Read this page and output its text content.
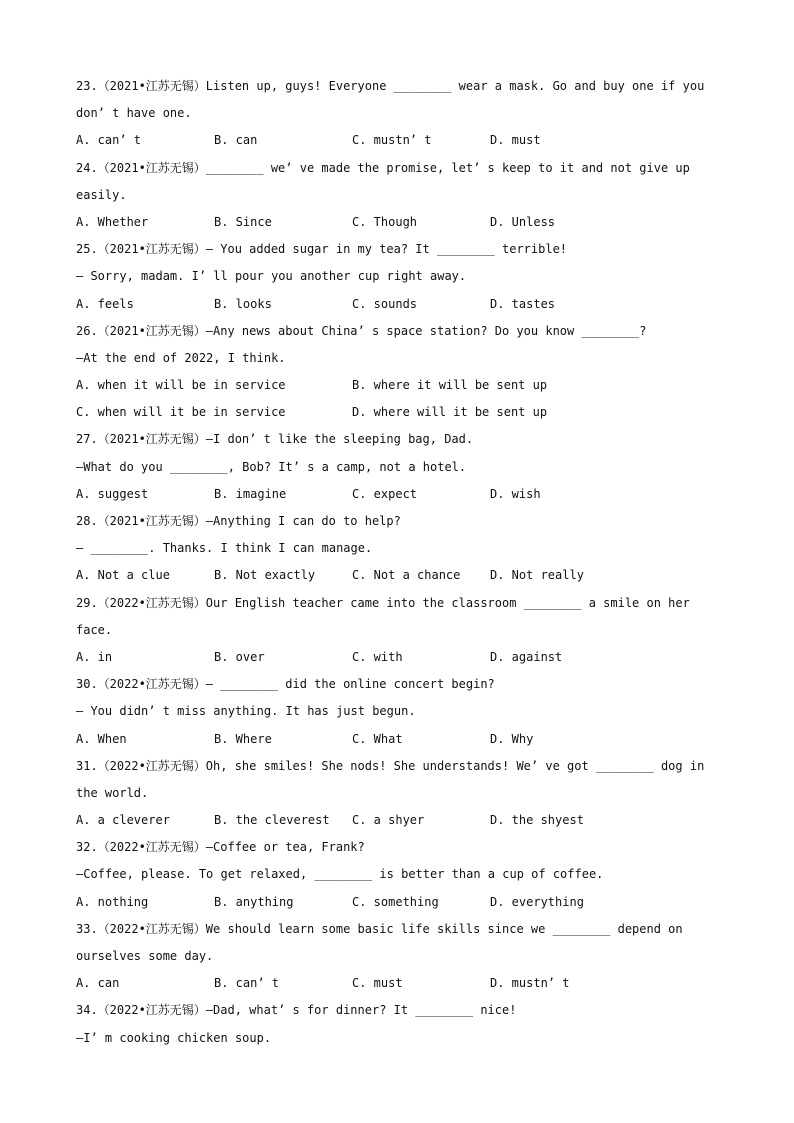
23.（2021•江苏无锡）Listen up, guys! Everyone ________ wear a mask. Go and buy one if you
don’ t have one.
A. can’ t	B. can	C. mustn’ t	D. must
24.（2021•江苏无锡）________ we’ ve made the promise, let’ s keep to it and not give up
easily.
A. Whether	B. Since	C. Though	D. Unless
25.（2021•江苏无锡）— You added sugar in my tea? It ________ terrible!
— Sorry, madam. I’ ll pour you another cup right away.
A. feels	B. looks	C. sounds	D. tastes
26.（2021•江苏无锡）—Any news about China’ s space station? Do you know ________?
—At the end of 2022, I think.
A. when it will be in service	B. where it will be sent up
C. when will it be in service	D. where will it be sent up
27.（2021•江苏无锡）—I don’ t like the sleeping bag, Dad.
—What do you ________, Bob? It’ s a camp, not a hotel.
A. suggest	B. imagine	C. expect	D. wish
28.（2021•江苏无锡）—Anything I can do to help?
— ________. Thanks. I think I can manage.
A. Not a clue	B. Not exactly	C. Not a chance	D. Not really
29.（2022•江苏无锡）Our English teacher came into the classroom ________ a smile on her
face.
A. in	B. over	C. with	D. against
30.（2022•江苏无锡）— ________ did the online concert begin?
— You didn’ t miss anything. It has just begun.
A. When	B. Where	C. What	D. Why
31.（2022•江苏无锡）Oh, she smiles! She nods! She understands! We’ ve got ________ dog in
the world.
A. a cleverer	B. the cleverest	C. a shyer	D. the shyest
32.（2022•江苏无锡）—Coffee or tea, Frank?
—Coffee, please. To get relaxed, ________ is better than a cup of coffee.
A. nothing	B. anything	C. something	D. everything
33.（2022•江苏无锡）We should learn some basic life skills since we ________ depend on
ourselves some day.
A. can	B. can’ t	C. must	D. mustn’ t
34.（2022•江苏无锡）—Dad, what’ s for dinner? It ________ nice!
—I’ m cooking chicken soup.
